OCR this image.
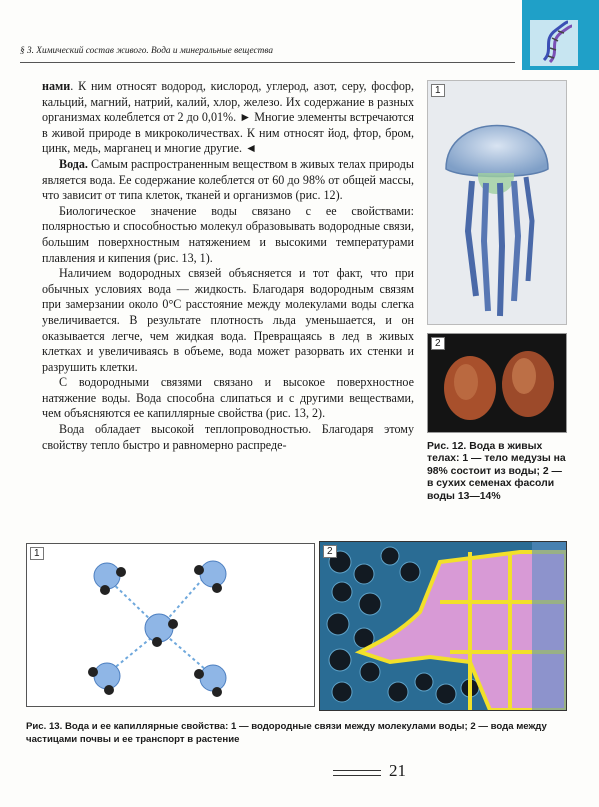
§ 3. Химический состав живого. Вода и минеральные вещества

нами. К ним относят водород, кислород, углерод, азот, серу, фосфор, кальций, магний, натрий, калий, хлор, железо. Их содержание в разных организмах колеблется от 2 до 0,01%. ► Многие элементы встречаются в живой природе в микроколичествах. К ним относят йод, фтор, бром, цинк, медь, марганец и многие другие. ◄

Вода. Самым распространенным веществом в живых телах природы является вода. Ее содержание колеблется от 60 до 98% от общей массы, что зависит от типа клеток, тканей и организмов (рис. 12).

Биологическое значение воды связано с ее свойствами: полярностью и способностью молекул образовывать водородные связи, большим поверхностным натяжением и высокими температурами плавления и кипения (рис. 13, 1).

Наличием водородных связей объясняется и тот факт, что при обычных условиях вода — жидкость. Благодаря водородным связям при замерзании около 0°С расстояние между молекулами воды слегка увеличивается. В результате плотность льда уменьшается, и он оказывается легче, чем жидкая вода. Превращаясь в лед в живых клетках и увеличиваясь в объеме, вода может разорвать их стенки и разрушить клетки.

С водородными связями связано и высокое поверхностное натяжение воды. Вода способна слипаться и с другими веществами, чем объясняются ее капиллярные свойства (рис. 13, 2).

Вода обладает высокой теплопроводностью. Благодаря этому свойству тепло быстро и равномерно распреде-

1
2
Рис. 12. Вода в живых телах: 1 — тело медузы на 98% состоит из воды; 2 — в сухих семенах фасоли воды 13—14%
1	2
Рис. 13. Вода и ее капиллярные свойства: 1 — водородные связи между молекулами воды; 2 — вода между частицами почвы и ее транспорт в растение
21
